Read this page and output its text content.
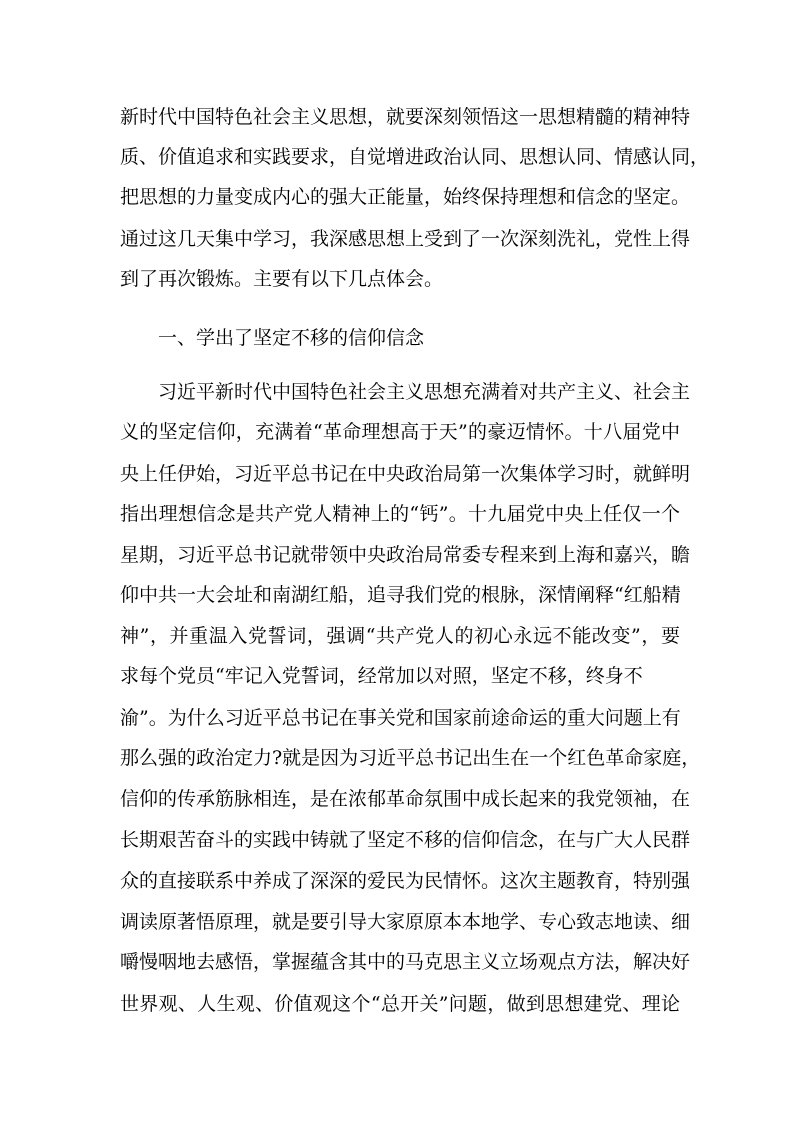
新时代中国特色社会主义思想，就要深刻领悟这一思想精髓的精神特
质、价值追求和实践要求，自觉增进政治认同、思想认同、情感认同，
把思想的力量变成内心的强大正能量，始终保持理想和信念的坚定。
通过这几天集中学习，我深感思想上受到了一次深刻洗礼，党性上得
到了再次锻炼。主要有以下几点体会。
一、学出了坚定不移的信仰信念
习近平新时代中国特色社会主义思想充满着对共产主义、社会主
义的坚定信仰，充满着“革命理想高于天”的豪迈情怀。十八届党中
央上任伊始，习近平总书记在中央政治局第一次集体学习时，就鲜明
指出理想信念是共产党人精神上的“钙”。十九届党中央上任仅一个
星期，习近平总书记就带领中央政治局常委专程来到上海和嘉兴，瞻
仰中共一大会址和南湖红船，追寻我们党的根脉，深情阐释“红船精
神”，并重温入党誓词，强调“共产党人的初心永远不能改变”，要
求每个党员“牢记入党誓词，经常加以对照，坚定不移，终身不
渝”。为什么习近平总书记在事关党和国家前途命运的重大问题上有
那么强的政治定力?就是因为习近平总书记出生在一个红色革命家庭，
信仰的传承筋脉相连，是在浓郁革命氛围中成长起来的我党领袖，在
长期艰苦奋斗的实践中铸就了坚定不移的信仰信念，在与广大人民群
众的直接联系中养成了深深的爱民为民情怀。这次主题教育，特别强
调读原著悟原理，就是要引导大家原原本本地学、专心致志地读、细
嚼慢咽地去感悟，掌握蕴含其中的马克思主义立场观点方法，解决好
世界观、人生观、价值观这个“总开关”问题，做到思想建党、理论
